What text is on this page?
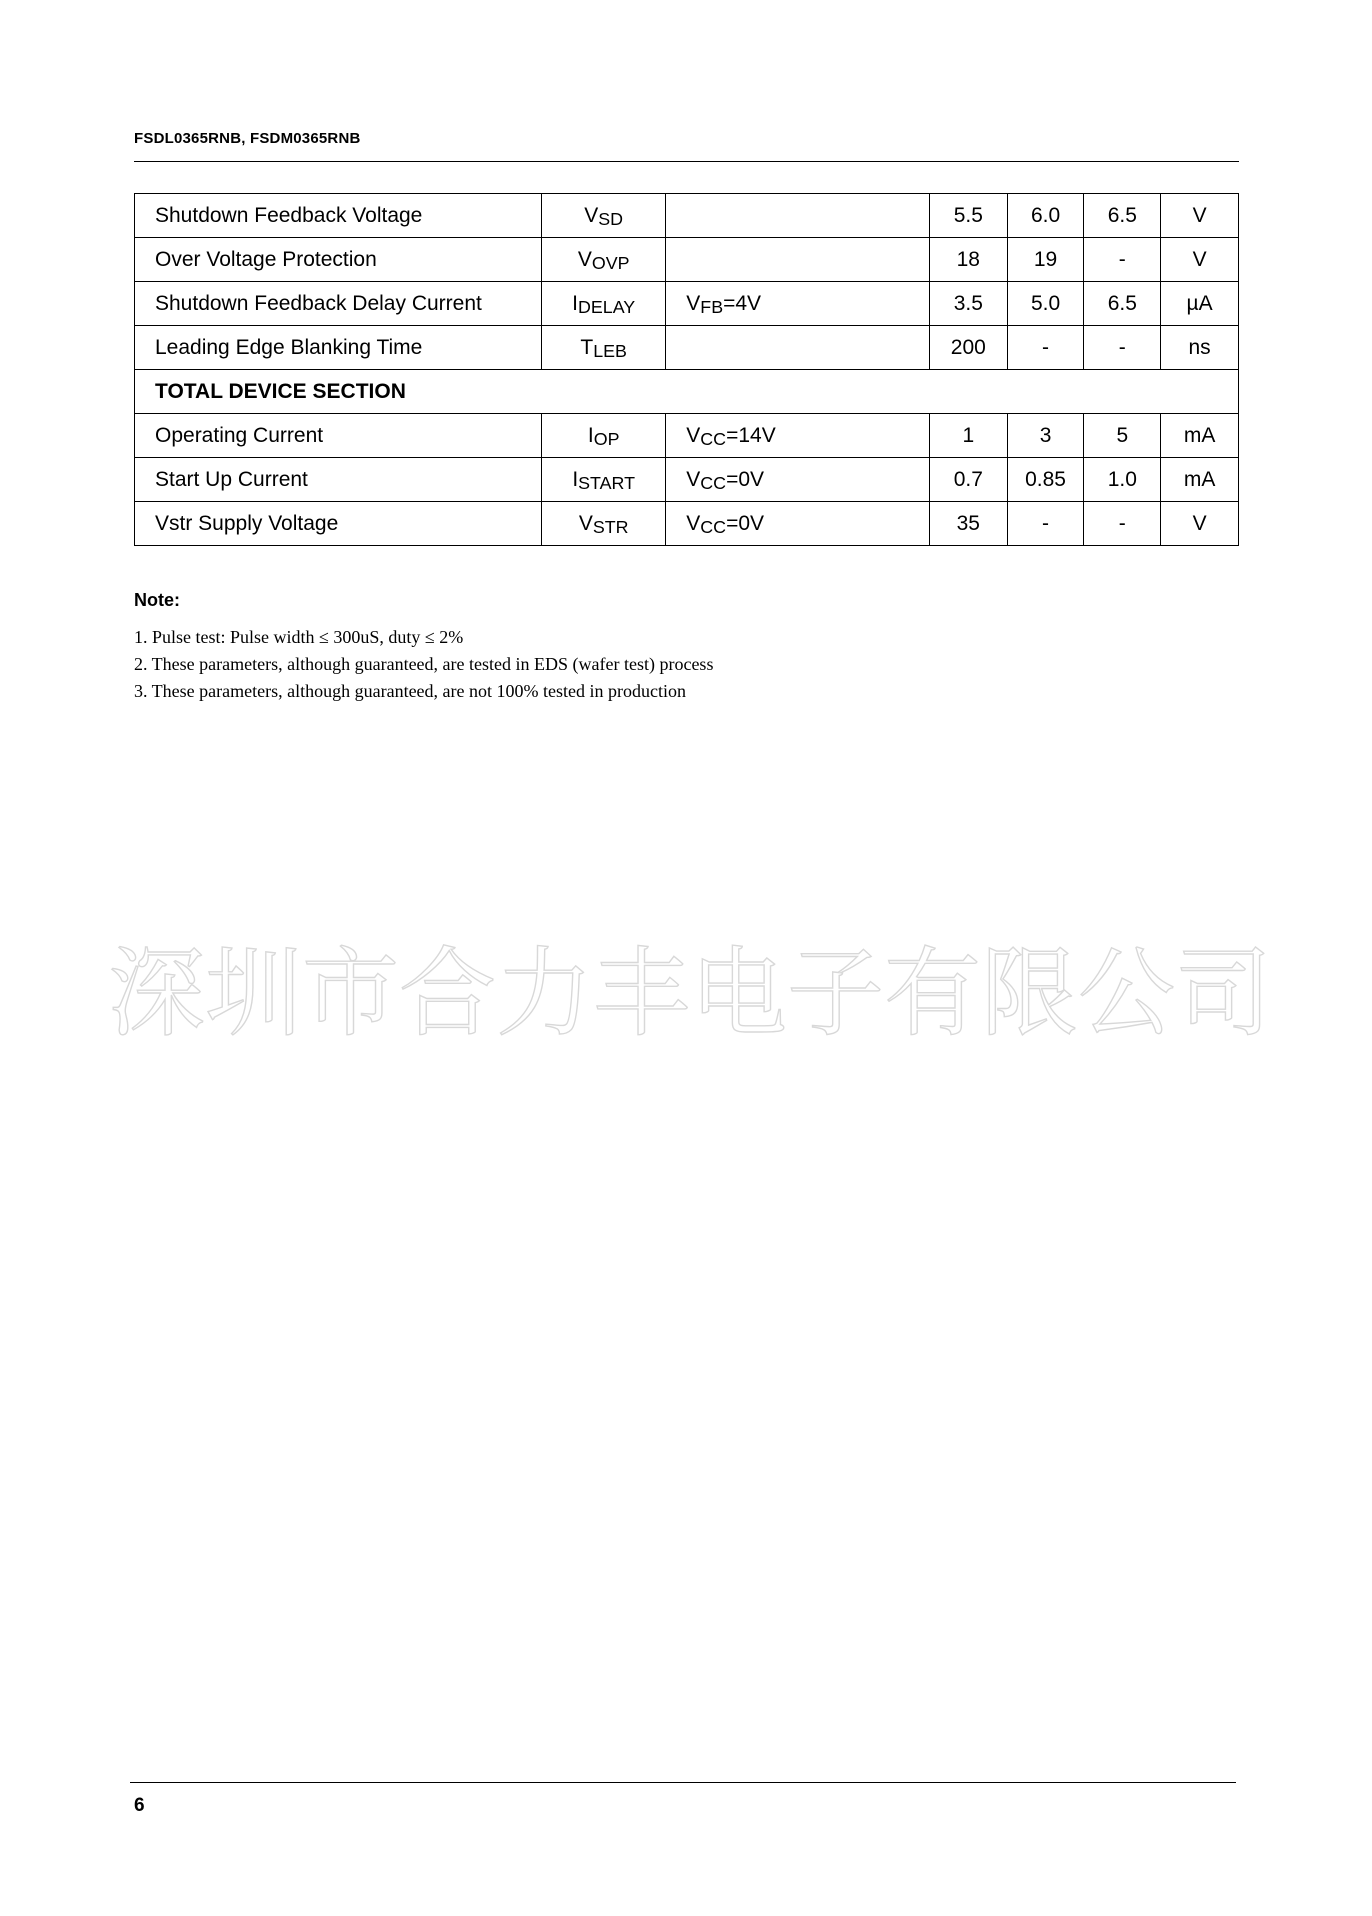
FSDL0365RNB, FSDM0365RNB
Shutdown Feedback Voltage	VSD		5.5	6.0	6.5	V
Over Voltage Protection	VOVP		18	19	-	V
Shutdown Feedback Delay Current	IDELAY	VFB=4V	3.5	5.0	6.5	µA
Leading Edge Blanking Time	TLEB		200	-	-	ns
TOTAL DEVICE SECTION						
Operating Current	IOP	VCC=14V	1	3	5	mA
Start Up Current	ISTART	VCC=0V	0.7	0.85	1.0	mA
Vstr Supply Voltage	VSTR	VCC=0V	35	-	-	V
Note:
1. Pulse test: Pulse width ≤ 300uS, duty ≤ 2%
2. These parameters, although guaranteed, are tested in EDS (wafer test) process
3. These parameters, although guaranteed, are not 100% tested in production
深圳市合力丰电子有限公司
6
